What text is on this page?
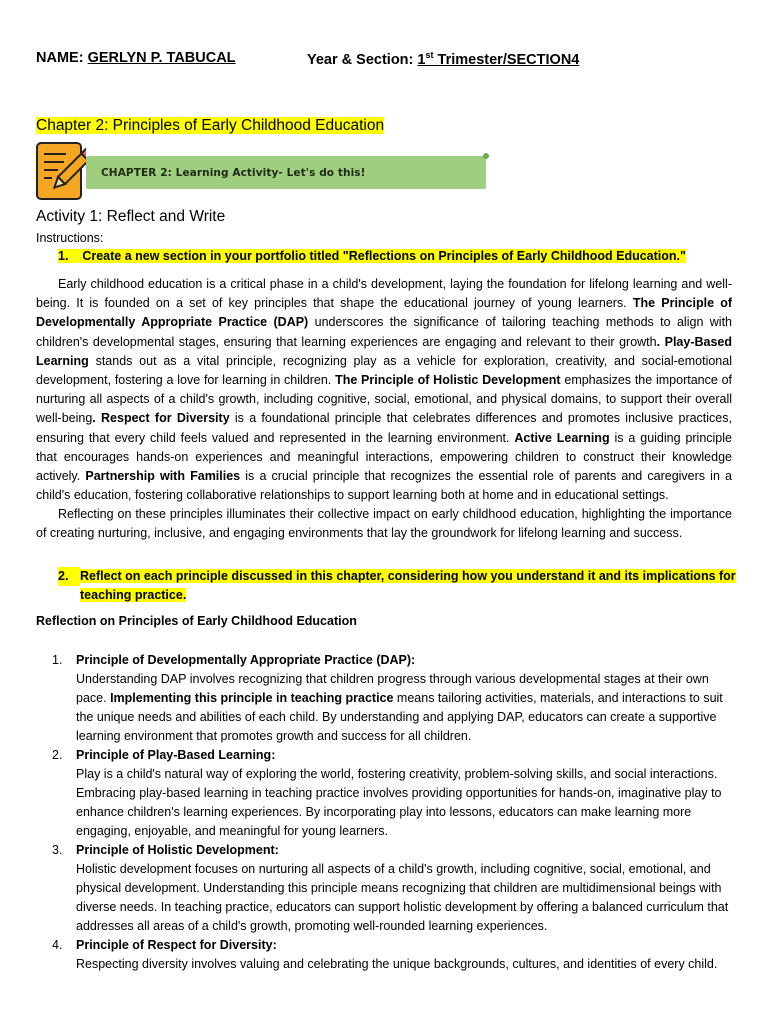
NAME: GERLYN P. TABUCAL	Year & Section: 1st Trimester/SECTION4
Chapter 2: Principles of Early Childhood Education
CHAPTER 2: Learning Activity- Let's do this!
Activity 1: Reflect and Write
Instructions:
1. Create a new section in your portfolio titled "Reflections on Principles of Early Childhood Education."
Early childhood education is a critical phase in a child's development, laying the foundation for lifelong learning and well-being. It is founded on a set of key principles that shape the educational journey of young learners. The Principle of Developmentally Appropriate Practice (DAP) underscores the significance of tailoring teaching methods to align with children's developmental stages, ensuring that learning experiences are engaging and relevant to their growth. Play-Based Learning stands out as a vital principle, recognizing play as a vehicle for exploration, creativity, and social-emotional development, fostering a love for learning in children. The Principle of Holistic Development emphasizes the importance of nurturing all aspects of a child's growth, including cognitive, social, emotional, and physical domains, to support their overall well-being. Respect for Diversity is a foundational principle that celebrates differences and promotes inclusive practices, ensuring that every child feels valued and represented in the learning environment. Active Learning is a guiding principle that encourages hands-on experiences and meaningful interactions, empowering children to construct their knowledge actively. Partnership with Families is a crucial principle that recognizes the essential role of parents and caregivers in a child's education, fostering collaborative relationships to support learning both at home and in educational settings.
Reflecting on these principles illuminates their collective impact on early childhood education, highlighting the importance of creating nurturing, inclusive, and engaging environments that lay the groundwork for lifelong learning and success.
2. Reflect on each principle discussed in this chapter, considering how you understand it and its implications for teaching practice.
Reflection on Principles of Early Childhood Education
1. Principle of Developmentally Appropriate Practice (DAP):
Understanding DAP involves recognizing that children progress through various developmental stages at their own pace. Implementing this principle in teaching practice means tailoring activities, materials, and interactions to suit the unique needs and abilities of each child. By understanding and applying DAP, educators can create a supportive learning environment that promotes growth and success for all children.
2. Principle of Play-Based Learning:
Play is a child's natural way of exploring the world, fostering creativity, problem-solving skills, and social interactions. Embracing play-based learning in teaching practice involves providing opportunities for hands-on, imaginative play to enhance children's learning experiences. By incorporating play into lessons, educators can make learning more engaging, enjoyable, and meaningful for young learners.
3. Principle of Holistic Development:
Holistic development focuses on nurturing all aspects of a child's growth, including cognitive, social, emotional, and physical development. Understanding this principle means recognizing that children are multidimensional beings with diverse needs. In teaching practice, educators can support holistic development by offering a balanced curriculum that addresses all areas of a child's growth, promoting well-rounded learning experiences.
4. Principle of Respect for Diversity:
Respecting diversity involves valuing and celebrating the unique backgrounds, cultures, and identities of every child.
